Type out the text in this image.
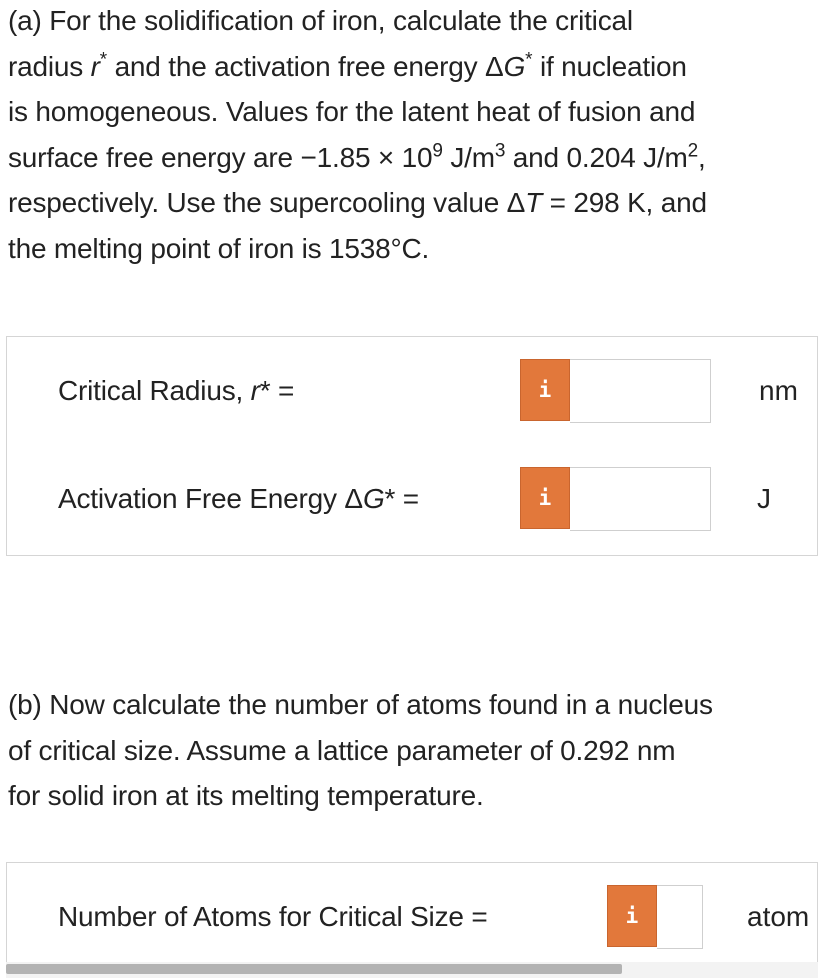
(a) For the solidification of iron, calculate the critical
radius r* and the activation free energy ΔG* if nucleation
is homogeneous. Values for the latent heat of fusion and
surface free energy are $-1.85 \times 10^9$ $J/m^3$ and 0.204 $J/m^2$,
respectively. Use the supercooling value ΔT = 298 K, and
the melting point of iron is 1538°C.
Critical Radius, r* =	i	nm
Activation Free Energy ΔG* =	i	J
(b) Now calculate the number of atoms found in a nucleus
of critical size. Assume a lattice parameter of 0.292 nm
for solid iron at its melting temperature.
Number of Atoms for Critical Size =	i	atom
